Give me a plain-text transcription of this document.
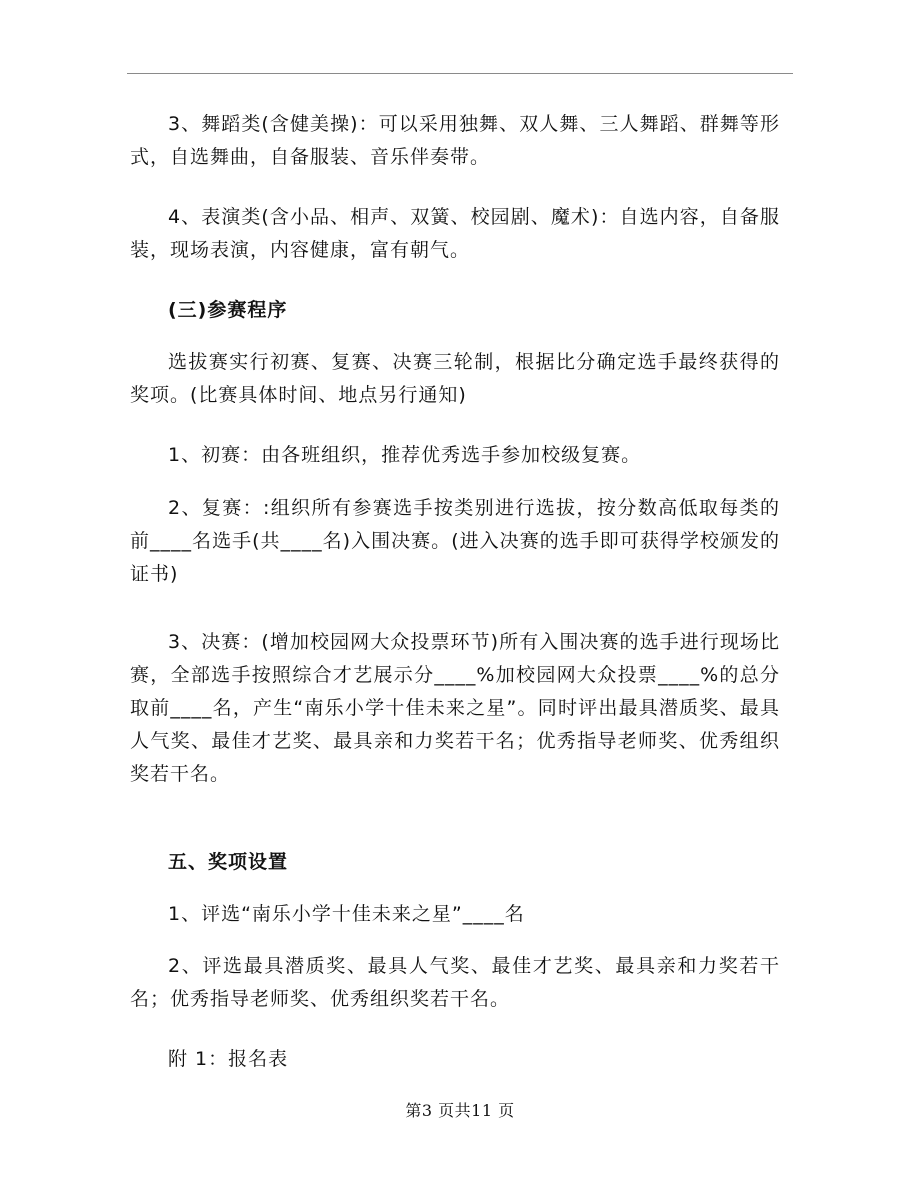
3、舞蹈类(含健美操)：可以采用独舞、双人舞、三人舞蹈、群舞等形式，自选舞曲，自备服装、音乐伴奏带。
4、表演类(含小品、相声、双簧、校园剧、魔术)：自选内容，自备服装，现场表演，内容健康，富有朝气。
(三)参赛程序
选拔赛实行初赛、复赛、决赛三轮制，根据比分确定选手最终获得的奖项。(比赛具体时间、地点另行通知)
1、初赛：由各班组织，推荐优秀选手参加校级复赛。
2、复赛：:组织所有参赛选手按类别进行选拔，按分数高低取每类的前____名选手(共____名)入围决赛。(进入决赛的选手即可获得学校颁发的证书)
3、决赛：(增加校园网大众投票环节)所有入围决赛的选手进行现场比赛，全部选手按照综合才艺展示分____%加校园网大众投票____%的总分取前____名，产生“南乐小学十佳未来之星”。同时评出最具潜质奖、最具人气奖、最佳才艺奖、最具亲和力奖若干名；优秀指导老师奖、优秀组织奖若干名。
五、奖项设置
1、评选“南乐小学十佳未来之星”____名
2、评选最具潜质奖、最具人气奖、最佳才艺奖、最具亲和力奖若干名；优秀指导老师奖、优秀组织奖若干名。
附 1：报名表
第3 页共11 页
